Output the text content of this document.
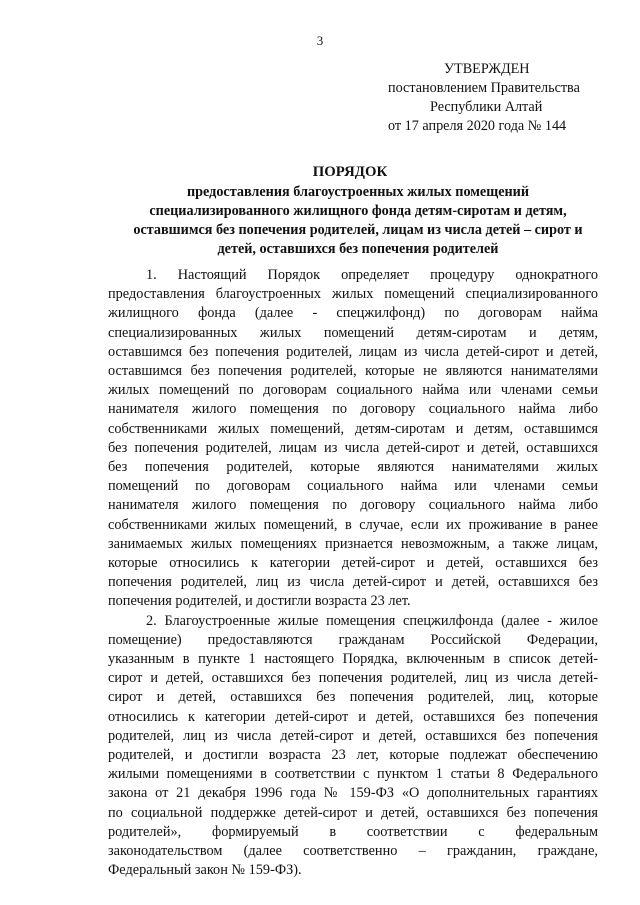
3
УТВЕРЖДЕН
постановлением Правительства
Республики Алтай
от 17 апреля 2020 года № 144
ПОРЯДОК
предоставления благоустроенных жилых помещений
специализированного жилищного фонда детям-сиротам и детям,
оставшимся без попечения родителей, лицам из числа детей – сирот и
детей, оставшихся без попечения родителей
1. Настоящий Порядок определяет процедуру однократного
предоставления благоустроенных жилых помещений специализированного
жилищного фонда (далее - спецжилфонд) по договорам найма
специализированных жилых помещений детям-сиротам и детям,
оставшимся без попечения родителей, лицам из числа детей-сирот и детей,
оставшимся без попечения родителей, которые не являются нанимателями
жилых помещений по договорам социального найма или членами семьи
нанимателя жилого помещения по договору социального найма либо
собственниками жилых помещений, детям-сиротам и детям, оставшимся
без попечения родителей, лицам из числа детей-сирот и детей, оставшихся
без попечения родителей, которые являются нанимателями жилых
помещений по договорам социального найма или членами семьи
нанимателя жилого помещения по договору социального найма либо
собственниками жилых помещений, в случае, если их проживание в ранее
занимаемых жилых помещениях признается невозможным, а также лицам,
которые относились к категории детей-сирот и детей, оставшихся без
попечения родителей, лиц из числа детей-сирот и детей, оставшихся без
попечения родителей, и достигли возраста 23 лет.
2. Благоустроенные жилые помещения спецжилфонда (далее - жилое
помещение) предоставляются гражданам Российской Федерации,
указанным в пункте 1 настоящего Порядка, включенным в список детей-
сирот и детей, оставшихся без попечения родителей, лиц из числа детей-
сирот и детей, оставшихся без попечения родителей, лиц, которые
относились к категории детей-сирот и детей, оставшихся без попечения
родителей, лиц из числа детей-сирот и детей, оставшихся без попечения
родителей, и достигли возраста 23 лет, которые подлежат обеспечению
жилыми помещениями в соответствии с пунктом 1 статьи 8 Федерального
закона от 21 декабря 1996 года № 159-ФЗ «О дополнительных гарантиях
по социальной поддержке детей-сирот и детей, оставшихся без попечения
родителей», формируемый в соответствии с федеральным
законодательством (далее соответственно – гражданин, граждане,
Федеральный закон № 159-ФЗ).
